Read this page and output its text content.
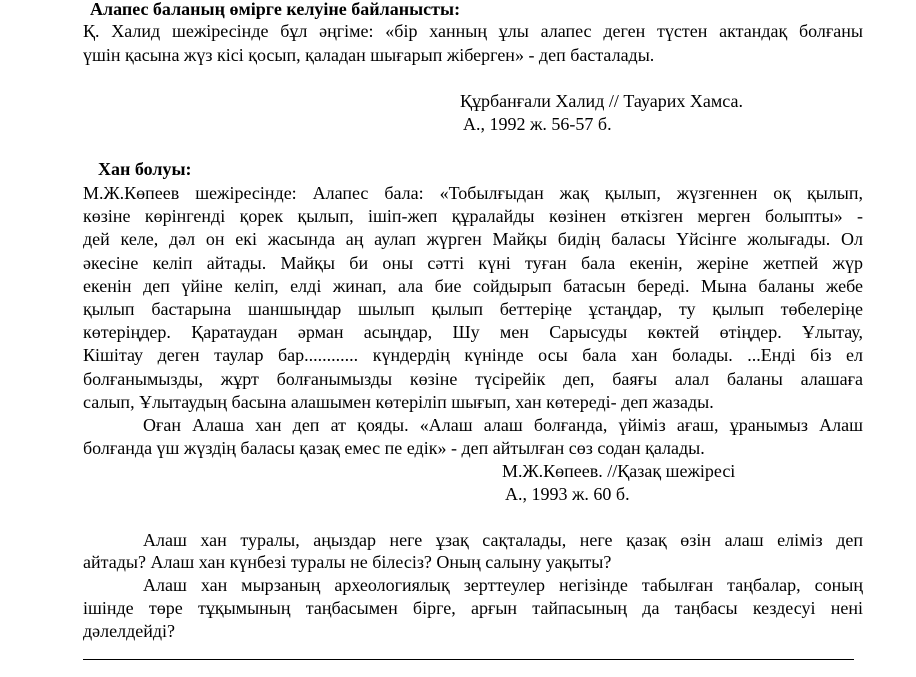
Алапес баланың өміргe келуіне байланысты:
Қ. Халид шежіресінде бұл әңгіме: «бір ханның ұлы алапес деген түстен актандақ болғаны
үшін қасына жүз кісі қосып, қаладан шығарып жіберген» - деп басталады.
Құрбанғали Халид // Тауарих Хамса.
А., 1992 ж. 56-57 б.
Хан болуы:
М.Ж.Көпеев шежіресінде: Алапес бала: «Тобылғыдан жақ қылып, жүзгеннен оқ қылып,
көзіне көрінгенді қорек қылып, ішіп-жеп құралайды көзінен өткізген мерген болыпты» -
дей келе, дәл он екі жасында аң аулап жүрген Майқы бидің баласы Үйсінге жолығады. Ол
әкесіне келіп айтады. Майқы би оны сәтті күні туған бала екенін, жеріне жетпей жүр
екенін деп үйіне келіп, елді жинап, ала бие сойдырып батасын береді. Мына баланы жебе
қылып бастарына шаншыңдар шылып қылып беттеріңе ұстаңдар, ту қылып төбелеріңе
көтеріңдер. Қаратаудан әрман асыңдар, Шу мен Сарысуды көктей өтіңдер. Ұлытау,
Кішітау деген таулар бар............ күндердің күнінде осы бала хан болады. ...Енді біз ел
болғанымызды, жұрт болғанымызды көзіне түсірейік деп, баяғы алал баланы алашаға
салып, Ұлытаудың басына алашымен көтеріліп шығып, хан көтереді- деп жазады.
Оған Алаша хан деп ат қояды. «Алаш алаш болғанда, үйіміз ағаш, ұранымыз Алаш
болғанда үш жүздің баласы қазақ емес пе едік» - деп айтылған сөз содан қалады.
М.Ж.Көпеев. //Қазақ шежіресі
А., 1993 ж. 60 б.
Алаш хан туралы, аңыздар неге ұзақ сақталады, неге қазақ өзін алаш еліміз деп
айтады? Алаш хан күнбезі туралы не білесіз? Оның салыну уақыты?
Алаш хан мырзаның археологиялық зерттеулер негізінде табылған таңбалар, соның
ішінде төре тұқымының таңбасымен бірге, арғын тайпасының да таңбасы кездесуі нені
дәлелдейді?
